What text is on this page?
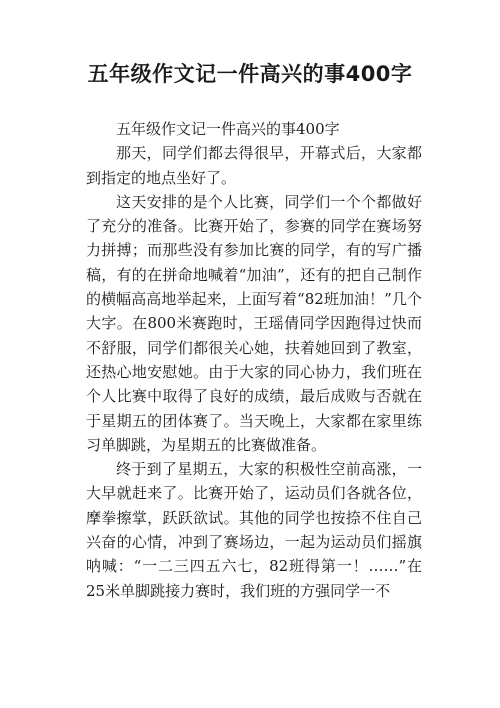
五年级作文记一件高兴的事400字

五年级作文记一件高兴的事400字

那天，同学们都去得很早，开幕式后，大家都到指定的地点坐好了。

这天安排的是个人比赛，同学们一个个都做好了充分的准备。比赛开始了，参赛的同学在赛场努力拼搏；而那些没有参加比赛的同学，有的写广播稿，有的在拼命地喊着“加油”，还有的把自己制作的横幅高高地举起来，上面写着“82班加油！”几个大字。在800米赛跑时，王瑶倩同学因跑得过快而不舒服，同学们都很关心她，扶着她回到了教室，还热心地安慰她。由于大家的同心协力，我们班在个人比赛中取得了良好的成绩，最后成败与否就在于星期五的团体赛了。当天晚上，大家都在家里练习单脚跳，为星期五的比赛做准备。

终于到了星期五，大家的积极性空前高涨，一大早就赶来了。比赛开始了，运动员们各就各位，摩拳擦掌，跃跃欲试。其他的同学也按捺不住自己兴奋的心情，冲到了赛场边，一起为运动员们摇旗呐喊：“一二三四五六七，82班得第一！……”在25米单脚跳接力赛时，我们班的方强同学一不
